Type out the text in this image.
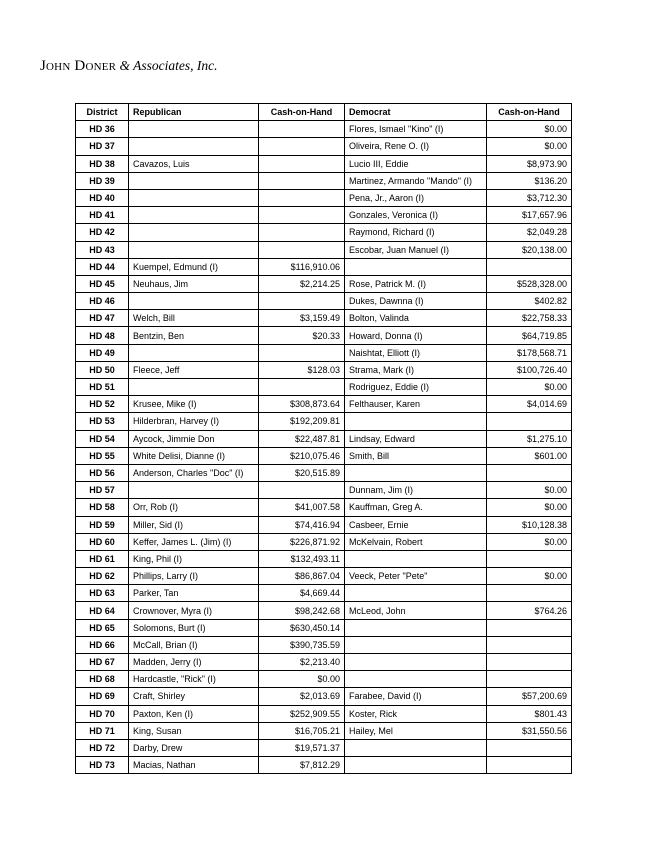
John Doner & Associates, Inc.
District	Republican	Cash-on-Hand	Democrat	Cash-on-Hand
HD 36			Flores, Ismael "Kino" (I)	$0.00
HD 37			Oliveira, Rene O. (I)	$0.00
HD 38	Cavazos, Luis		Lucio III, Eddie	$8,973.90
HD 39			Martinez, Armando "Mando" (I)	$136.20
HD 40			Pena, Jr., Aaron (I)	$3,712.30
HD 41			Gonzales, Veronica (I)	$17,657.96
HD 42			Raymond, Richard (I)	$2,049.28
HD 43			Escobar, Juan Manuel (I)	$20,138.00
HD 44	Kuempel, Edmund (I)	$116,910.06		
HD 45	Neuhaus, Jim	$2,214.25	Rose, Patrick M. (I)	$528,328.00
HD 46			Dukes, Dawnna (I)	$402.82
HD 47	Welch, Bill	$3,159.49	Bolton, Valinda	$22,758.33
HD 48	Bentzin, Ben	$20.33	Howard, Donna (I)	$64,719.85
HD 49			Naishtat, Elliott (I)	$178,568.71
HD 50	Fleece, Jeff	$128.03	Strama, Mark (I)	$100,726.40
HD 51			Rodriguez, Eddie (I)	$0.00
HD 52	Krusee, Mike (I)	$308,873.64	Felthauser, Karen	$4,014.69
HD 53	Hilderbran, Harvey (I)	$192,209.81		
HD 54	Aycock, Jimmie Don	$22,487.81	Lindsay, Edward	$1,275.10
HD 55	White Delisi, Dianne (I)	$210,075.46	Smith, Bill	$601.00
HD 56	Anderson, Charles "Doc" (I)	$20,515.89		
HD 57			Dunnam, Jim (I)	$0.00
HD 58	Orr, Rob (I)	$41,007.58	Kauffman, Greg A.	$0.00
HD 59	Miller, Sid (I)	$74,416.94	Casbeer, Ernie	$10,128.38
HD 60	Keffer, James L. (Jim) (I)	$226,871.92	McKelvain, Robert	$0.00
HD 61	King, Phil (I)	$132,493.11		
HD 62	Phillips, Larry (I)	$86,867.04	Veeck, Peter "Pete"	$0.00
HD 63	Parker, Tan	$4,669.44		
HD 64	Crownover, Myra (I)	$98,242.68	McLeod, John	$764.26
HD 65	Solomons, Burt (I)	$630,450.14		
HD 66	McCall, Brian (I)	$390,735.59		
HD 67	Madden, Jerry (I)	$2,213.40		
HD 68	Hardcastle, "Rick" (I)	$0.00		
HD 69	Craft, Shirley	$2,013.69	Farabee, David (I)	$57,200.69
HD 70	Paxton, Ken (I)	$252,909.55	Koster, Rick	$801.43
HD 71	King, Susan	$16,705.21	Hailey, Mel	$31,550.56
HD 72	Darby, Drew	$19,571.37		
HD 73	Macias, Nathan	$7,812.29		
